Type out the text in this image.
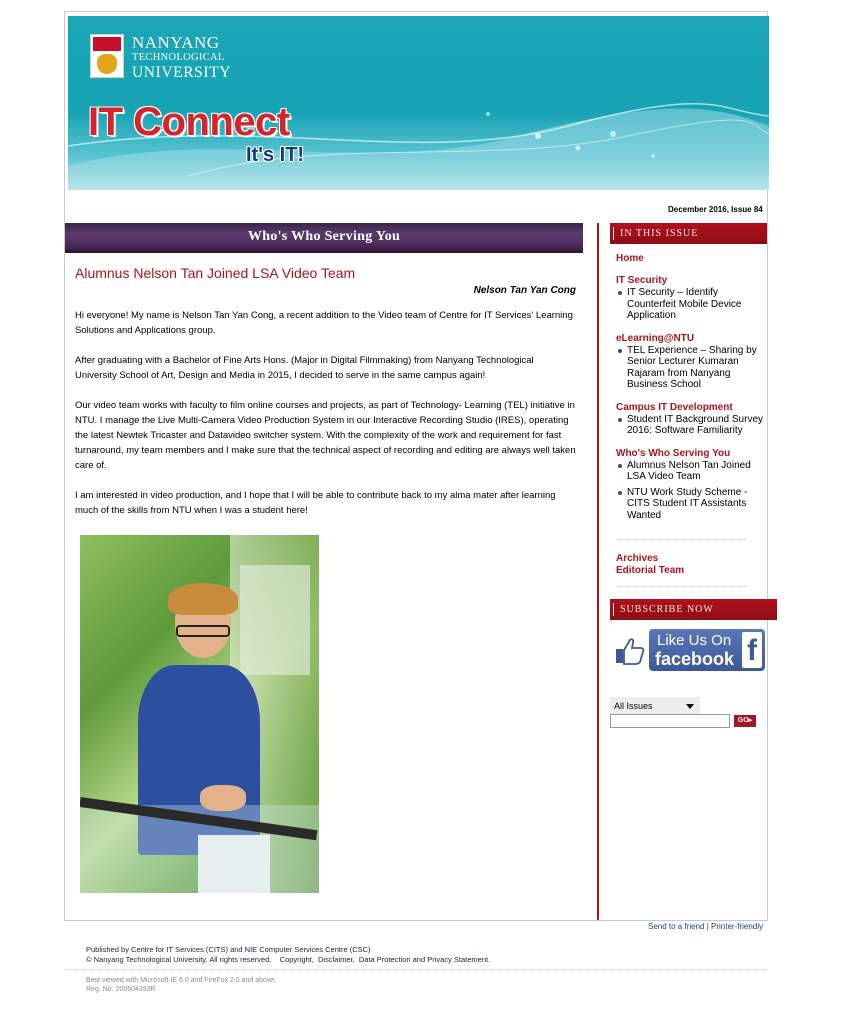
NANYANG
TECHNOLOGICAL
UNIVERSITY
IT Connect
It's IT!
December 2016, Issue 84
Who's Who Serving You
Alumnus Nelson Tan Joined LSA Video Team
Nelson Tan Yan Cong

Hi everyone! My name is Nelson Tan Yan Cong, a recent addition to the Video team of Centre for IT Services' Learning Solutions and Applications group.

After graduating with a Bachelor of Fine Arts Hons. (Major in Digital Filmmaking) from Nanyang Technological University School of Art, Design and Media in 2015, I decided to serve in the same campus again!

Our video team works with faculty to film online courses and projects, as part of Technology- Learning (TEL) initiative in NTU. I manage the Live Multi-Camera Video Production System in our Interactive Recording Studio (IRES), operating the latest Newtek Tricaster and Datavideo switcher system. With the complexity of the work and requirement for fast turnaround, my team members and I make sure that the technical aspect of recording and editing are always well taken care of.

I am interested in video production, and I hope that I will be able to contribute back to my alma mater after learning much of the skills from NTU when I was a student here!

IN THIS ISSUE
Home
IT Security
IT Security – Identify Counterfeit Mobile Device Application
eLearning@NTU
TEL Experience – Sharing by Senior Lecturer Kumaran Rajaram from Nanyang Business School
Campus IT Development
Student IT Background Survey 2016: Software Familiarity
Who's Who Serving You
Alumnus Nelson Tan Joined LSA Video Team
NTU Work Study Scheme - CITS Student IT Assistants Wanted
Archives
Editorial Team
SUBSCRIBE NOW
Like Us On
facebook f
All Issues
GO▸
Send to a friend | Printer-friendly
Published by Centre for IT Services (CITS) and NIE Computer Services Centre (CSC)
© Nanyang Technological University. All rights reserved.    Copyright,  Disclaimer,  Data Protection and Privacy Statement.
Best viewed with Microsoft IE 6.0 and FireFox 2.0 and above.
Reg. No. 200604393R
